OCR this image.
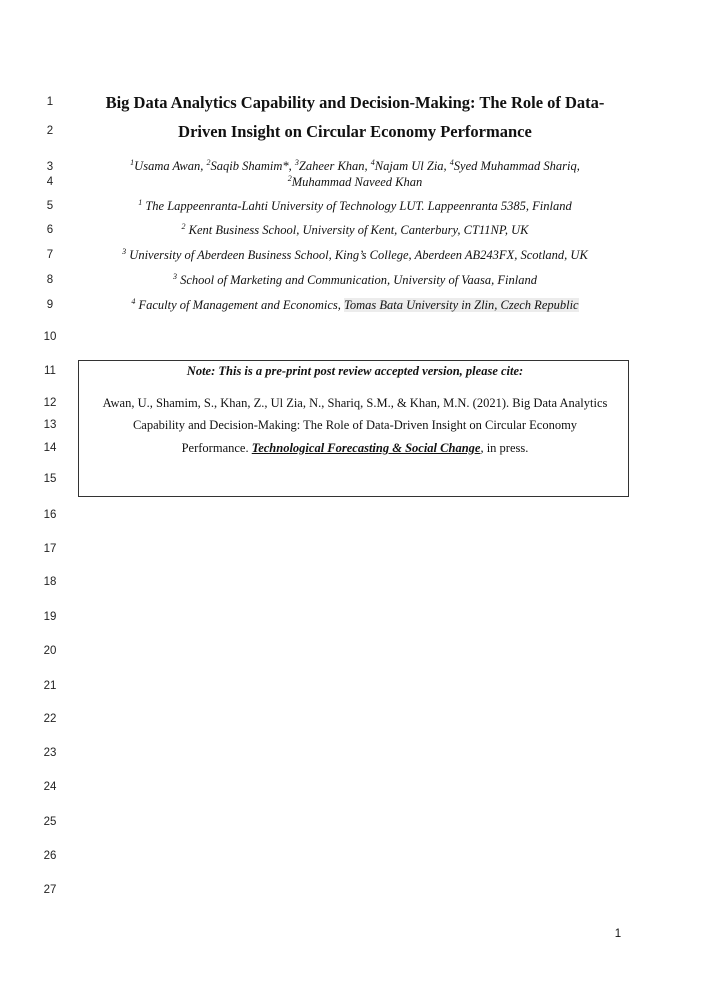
1
2
3
4
5
6
7
8
9
10
11
12
13
14
15
16
17
18
19
20
21
22
23
24
25
26
27
Big Data Analytics Capability and Decision-Making: The Role of Data-
Driven Insight on Circular Economy Performance
$^1$Usama Awan, $^2$Saqib Shamim*, $^3$Zaheer Khan, $^4$Najam Ul Zia, $^4$Syed Muhammad Shariq,
$^2$Muhammad Naveed Khan
$^1$ The Lappeenranta-Lahti University of Technology LUT. Lappeenranta 5385, Finland
$^2$ Kent Business School, University of Kent, Canterbury, CT11NP, UK
$^3$ University of Aberdeen Business School, King’s College, Aberdeen AB243FX, Scotland, UK
$^3$ School of Marketing and Communication, University of Vaasa, Finland
$^4$ Faculty of Management and Economics, Tomas Bata University in Zlin, Czech Republic
Note: This is a pre-print post review accepted version, please cite:
Awan, U., Shamim, S., Khan, Z., Ul Zia, N., Shariq, S.M., & Khan, M.N. (2021). Big Data Analytics
Capability and Decision-Making: The Role of Data-Driven Insight on Circular Economy
Performance. Technological Forecasting & Social Change, in press.
1
